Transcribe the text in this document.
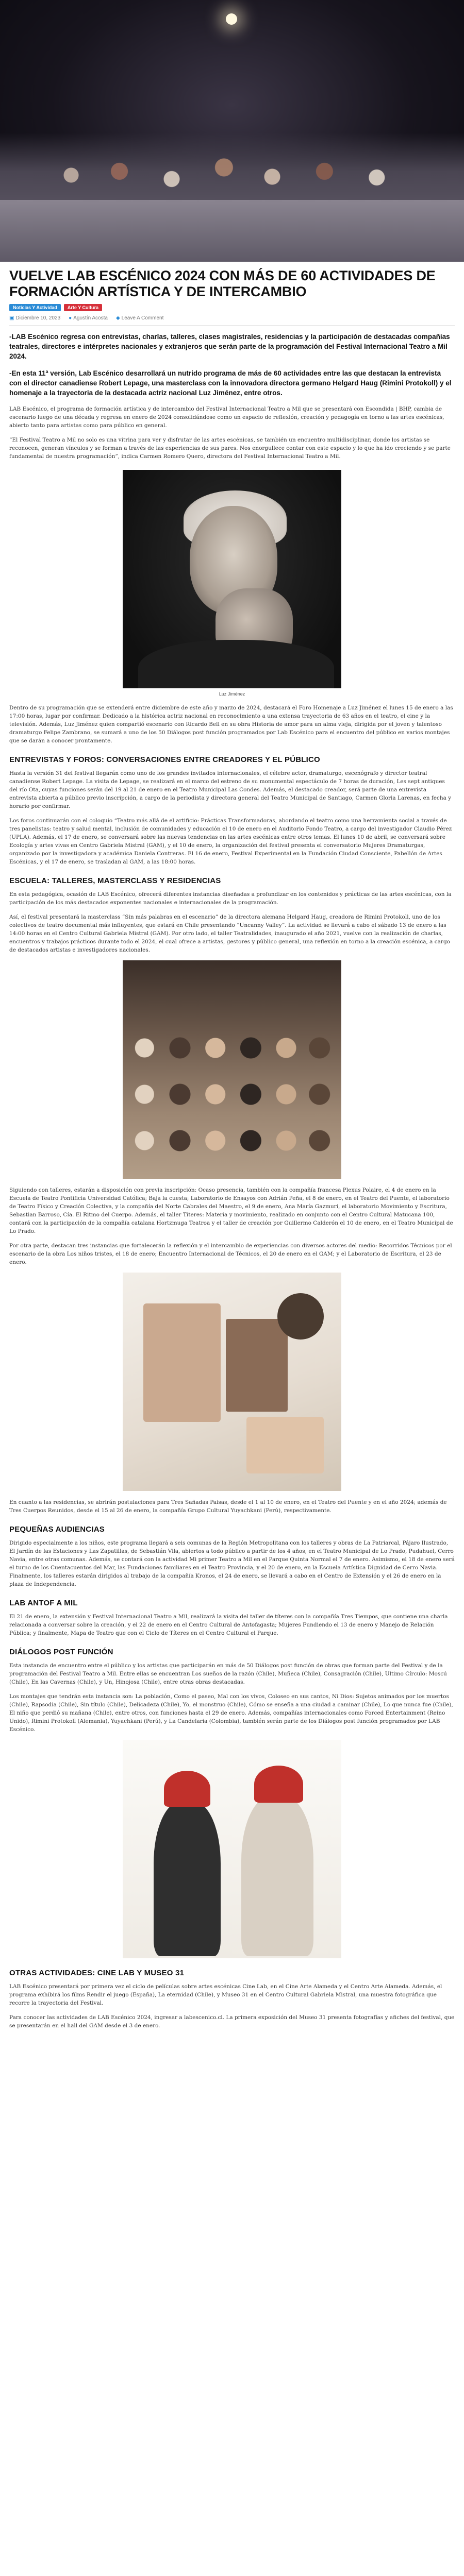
VUELVE LAB ESCÉNICO 2024 CON MÁS DE 60 ACTIVIDADES DE FORMACIÓN ARTÍSTICA Y DE INTERCAMBIO
Noticias Y Actividad	Arte Y Cultura
▣ Diciembre 10, 2023 ● Agustín Acosta ◆ Leave A Comment

-LAB Escénico regresa con entrevistas, charlas, talleres, clases magistrales, residencias y la participación de destacadas compañías teatrales, directores e intérpretes nacionales y extranjeros que serán parte de la programación del Festival Internacional Teatro a Mil 2024.

-En esta 11ª versión, Lab Escénico desarrollará un nutrido programa de más de 60 actividades entre las que destacan la entrevista con el director canadiense Robert Lepage, una masterclass con la innovadora directora germano Helgard Haug (Rimini Protokoll) y el homenaje a la trayectoria de la destacada actriz nacional Luz Jiménez, entre otros.

LAB Escénico, el programa de formación artística y de intercambio del Festival Internacional Teatro a Mil que se presentará con Escondida | BHP, cambia de escenario luego de una década y regresa en enero de 2024 consolidándose como un espacio de reflexión, creación y pedagogía en torno a las artes escénicas, abierto tanto para artistas como para público en general.

“El Festival Teatro a Mil no solo es una vitrina para ver y disfrutar de las artes escénicas, se también un encuentro multidisciplinar, donde los artistas se reconocen, generan vínculos y se forman a través de las experiencias de sus pares. Nos enorgullece contar con este espacio y lo que ha ido creciendo y se parte fundamental de nuestra programación”, indica Carmen Romero Quero, directora del Festival Internacional Teatro a Mil.

Luz Jiménez

Dentro de su programación que se extenderá entre diciembre de este año y marzo de 2024, destacará el Foro Homenaje a Luz Jiménez el lunes 15 de enero a las 17:00 horas, lugar por confirmar. Dedicado a la histórica actriz nacional en reconocimiento a una extensa trayectoria de 63 años en el teatro, el cine y la televisión. Además, Luz Jiménez quien compartió escenario con Ricardo Bell en su obra Historia de amor para un alma vieja, dirigida por el joven y talentoso dramaturgo Felipe Zambrano, se sumará a uno de los 50 Diálogos post función programados por Lab Escénico para el encuentro del público en varios montajes que se darán a conocer prontamente.

ENTREVISTAS Y FOROS: CONVERSACIONES ENTRE CREADORES Y EL PÚBLICO

Hasta la versión 31 del festival llegarán como uno de los grandes invitados internacionales, el célebre actor, dramaturgo, escenógrafo y director teatral canadiense Robert Lepage. La visita de Lepage, se realizará en el marco del estreno de su monumental espectáculo de 7 horas de duración, Les sept antiques del río Ota, cuyas funciones serán del 19 al 21 de enero en el Teatro Municipal Las Condes. Además, el destacado creador, será parte de una entrevista entrevista abierta a público previo inscripción, a cargo de la periodista y directora general del Teatro Municipal de Santiago, Carmen Gloria Larenas, en fecha y horario por confirmar.

Los foros continuarán con el coloquio “Teatro más allá de el artificio: Prácticas Transformadoras, abordando el teatro como una herramienta social a través de tres panelistas: teatro y salud mental, inclusión de comunidades y educación el 10 de enero en el Auditorio Fondo Teatro, a cargo del investigador Claudio Pérez (UPLA). Además, el 17 de enero, se conversará sobre las nuevas tendencias en las artes escénicas entre otros temas. El lunes 10 de abril, se conversará sobre Ecología y artes vivas en Centro Gabriela Mistral (GAM), y el 10 de enero, la organización del festival presenta el conversatorio Mujeres Dramaturgas, organizado por la investigadora y académica Daniela Contreras. El 16 de enero, Festival Experimental en la Fundación Ciudad Consciente, Pabellón de Artes Escénicas, y el 17 de enero, se trasladan al GAM, a las 18:00 horas.

ESCUELA: TALLERES, MASTERCLASS Y RESIDENCIAS

En esta pedagógica, ocasión de LAB Escénico, ofrecerá diferentes instancias diseñadas a profundizar en los contenidos y prácticas de las artes escénicas, con la participación de los más destacados exponentes nacionales e internacionales de la programación.

Así, el festival presentará la masterclass “Sin más palabras en el escenario” de la directora alemana Helgard Haug, creadora de Rimini Protokoll, uno de los colectivos de teatro documental más influyentes, que estará en Chile presentando “Uncanny Valley”. La actividad se llevará a cabo el sábado 13 de enero a las 14:00 horas en el Centro Cultural Gabriela Mistral (GAM). Por otro lado, el taller Teatralidades, inaugurado el año 2021, vuelve con la realización de charlas, encuentros y trabajos prácticos durante todo el 2024, el cual ofrece a artistas, gestores y público general, una reflexión en torno a la creación escénica, a cargo de destacados artistas e investigadores nacionales.

Siguiendo con talleres, estarán a disposición con previa inscripción: Ocaso presencia, también con la compañía francesa Plexus Polaire, el 4 de enero en la Escuela de Teatro Pontificia Universidad Católica; Baja la cuesta; Laboratorio de Ensayos con Adrián Peña, el 8 de enero, en el Teatro del Puente, el laboratorio de Teatro Físico y Creación Colectiva, y la compañía del Norte Cabrales del Maestro, el 9 de enero, Ana María Gazmuri, el laboratorio Movimiento y Escritura, Sebastian Barroso, Cía. El Ritmo del Cuerpo. Además, el taller Títeres: Materia y movimiento, realizado en conjunto con el Centro Cultural Matucana 100, contará con la participación de la compañía catalana Hortzmuga Teatroa y el taller de creación por Guillermo Calderón el 10 de enero, en el Teatro Municipal de Lo Prado.

Por otra parte, destacan tres instancias que fortalecerán la reflexión y el intercambio de experiencias con diversos actores del medio: Recorridos Técnicos por el escenario de la obra Los niños tristes, el 18 de enero; Encuentro Internacional de Técnicos, el 20 de enero en el GAM; y el Laboratorio de Escritura, el 23 de enero.

En cuanto a las residencias, se abrirán postulaciones para Tres Sañadas Paisas, desde el 1 al 10 de enero, en el Teatro del Puente y en el año 2024; además de Tres Cuerpos Reunidos, desde el 15 al 26 de enero, la compañía Grupo Cultural Yuyachkani (Perú), respectivamente.

PEQUEÑAS AUDIENCIAS

Dirigido especialmente a los niños, este programa llegará a seis comunas de la Región Metropolitana con los talleres y obras de La Patriarcal, Pájaro Ilustrado, El Jardín de las Estaciones y Las Zapatillas, de Sebastián Vila, abiertos a todo público a partir de los 4 años, en el Teatro Municipal de Lo Prado, Pudahuel, Cerro Navia, entre otras comunas. Además, se contará con la actividad Mi primer Teatro a Mil en el Parque Quinta Normal el 7 de enero. Asimismo, el 18 de enero será el turno de los Cuentacuentos del Mar, las Fundaciones familiares en el Teatro Provincia, y el 20 de enero, en la Escuela Artística Dignidad de Cerro Navia. Finalmente, los talleres estarán dirigidos al trabajo de la compañía Kronos, el 24 de enero, se llevará a cabo en el Centro de Extensión y el 26 de enero en la plaza de Independencia.

LAB ANTOF A MIL

El 21 de enero, la extensión y Festival Internacional Teatro a Mil, realizará la visita del taller de títeres con la compañía Tres Tiempos, que contiene una charla relacionada a conversar sobre la creación, y el 22 de enero en el Centro Cultural de Antofagasta; Mujeres Fundiendo el 13 de enero y Manejo de Relación Pública; y finalmente, Mapa de Teatro que con el Ciclo de Títeres en el Centro Cultural el Parque.

DIÁLOGOS POST FUNCIÓN

Esta instancia de encuentro entre el público y los artistas que participarán en más de 50 Diálogos post función de obras que forman parte del Festival y de la programación del Festival Teatro a Mil. Entre ellas se encuentran Los sueños de la razón (Chile), Muñeca (Chile), Consagración (Chile), Ultimo Círculo: Moscú (Chile), En las Cavernas (Chile), y Un, Hinojosa (Chile), entre otras obras destacadas.

Los montajes que tendrán esta instancia son: La población, Como el paseo, Mal con los vivos, Coloseo en sus cantos, Ni Dios: Sujetos animados por los muertos (Chile), Rapsodia (Chile), Sin título (Chile), Delicadeza (Chile), Yo, el monstruo (Chile), Cómo se enseña a una ciudad a caminar (Chile), Lo que nunca fue (Chile), El niño que perdió su mañana (Chile), entre otros, con funciones hasta el 29 de enero. Además, compañías internacionales como Forced Entertainment (Reino Unido), Rimini Protokoll (Alemania), Yuyachkani (Perú), y La Candelaria (Colombia), también serán parte de los Diálogos post función programados por LAB Escénico.

OTRAS ACTIVIDADES: CINE LAB Y MUSEO 31

LAB Escénico presentará por primera vez el ciclo de películas sobre artes escénicas Cine Lab, en el Cine Arte Alameda y el Centro Arte Alameda. Además, el programa exhibirá los films Rendir el juego (España), La eternidad (Chile), y Museo 31 en el Centro Cultural Gabriela Mistral, una muestra fotográfica que recorre la trayectoria del Festival.

Para conocer las actividades de LAB Escénico 2024, ingresar a labescenico.cl. La primera exposición del Museo 31 presenta fotografías y afiches del festival, que se presentarán en el hall del GAM desde el 3 de enero.
